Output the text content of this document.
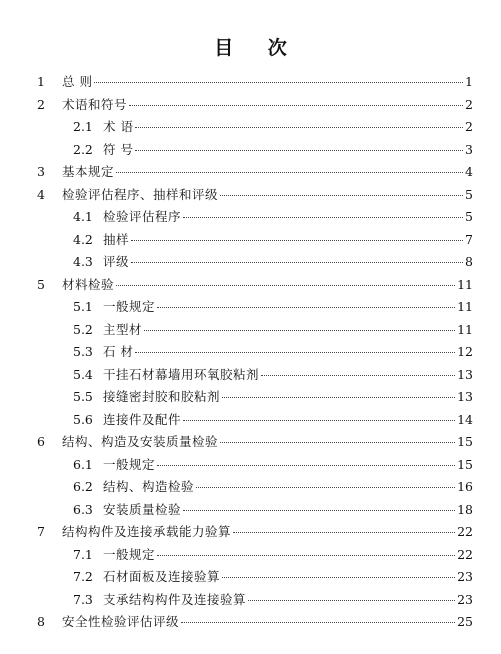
目 次
1 总 则	1
2 术语和符号	2
2.1 术 语	2
2.2 符 号	3
3 基本规定	4
4 检验评估程序、抽样和评级	5
4.1 检验评估程序	5
4.2 抽样	7
4.3 评级	8
5 材料检验	11
5.1 一般规定	11
5.2 主型材	11
5.3 石 材	12
5.4 干挂石材幕墙用环氧胶粘剂	13
5.5 接缝密封胶和胶粘剂	13
5.6 连接件及配件	14
6 结构、构造及安装质量检验	15
6.1 一般规定	15
6.2 结构、构造检验	16
6.3 安装质量检验	18
7 结构构件及连接承载能力验算	22
7.1 一般规定	22
7.2 石材面板及连接验算	23
7.3 支承结构构件及连接验算	23
8 安全性检验评估评级	25
